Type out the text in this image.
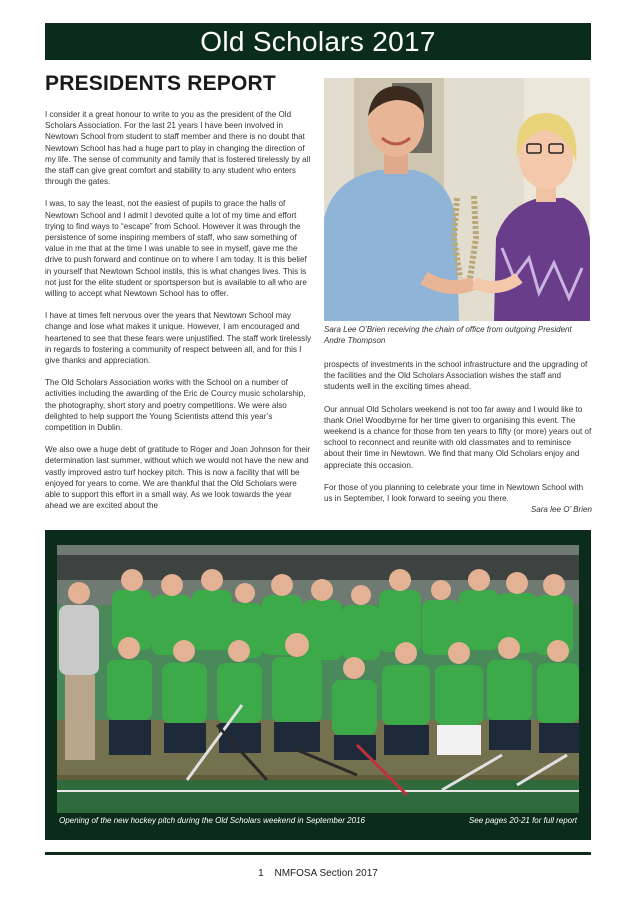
Old Scholars 2017
PRESIDENTS REPORT

I consider it a great honour to write to you as the president of the Old Scholars Association. For the last 21 years I have been involved in Newtown School from student to staff member and there is no doubt that Newtown School has had a huge part to play in changing the direction of my life. The sense of community and family that is fostered tirelessly by all the staff can give great comfort and stability to any student who enters through the gates.

I was, to say the least, not the easiest of pupils to grace the halls of Newtown School and I admit I devoted quite a lot of my time and effort trying to find ways to “escape” from School. However it was through the persistence of some inspiring members of staff, who saw something of value in me that at the time I was unable to see in myself, gave me the drive to push forward and continue on to where I am today. It is this belief in yourself that Newtown School instils, this is what changes lives. This is not just for the elite student or sportsperson but is available to all who are willing to accept what Newtown School has to offer.

I have at times felt nervous over the years that Newtown School may change and lose what makes it unique. However, I am encouraged and heartened to see that these fears were unjustified. The staff work tirelessly in regards to fostering a community of respect between all, and for this I give thanks and appreciation.

The Old Scholars Association works with the School on a number of activities including the awarding of the Eric de Courcy music scholarship, the photography, short story and poetry competitions. We were also delighted to help support the Young Scientists attend this year’s competition in Dublin.

We also owe a huge debt of gratitude to Roger and Joan Johnson for their determination last summer, without which we would not have the new and vastly improved astro turf hockey pitch. This is now a facility that will be enjoyed for years to come. We are thankful that the Old Scholars were able to support this effort in a small way. As we look towards the year ahead we are excited about the

Sara Lee O’Brien receiving the chain of office from outgoing President Andre Thompson

prospects of investments in the school infrastructure and the upgrading of the facilities and the Old Scholars Association wishes the staff and students well in the exciting times ahead.

Our annual Old Scholars weekend is not too far away and I would like to thank Oriel Woodbyrne for her time given to organising this event. The weekend is a chance for those from ten years to fifty (or more) years out of school to reconnect and reunite with old classmates and to reminisce about their time in Newtown. We find that many Old Scholars enjoy and appreciate this occasion.

For those of you planning to celebrate your time in Newtown School with us in September, I look forward to seeing you there.

Sara lee O’ Brien
Opening of the new hockey pitch during the Old Scholars weekend in September 2016	See pages 20-21 for full report
1 NMFOSA Section 2017
